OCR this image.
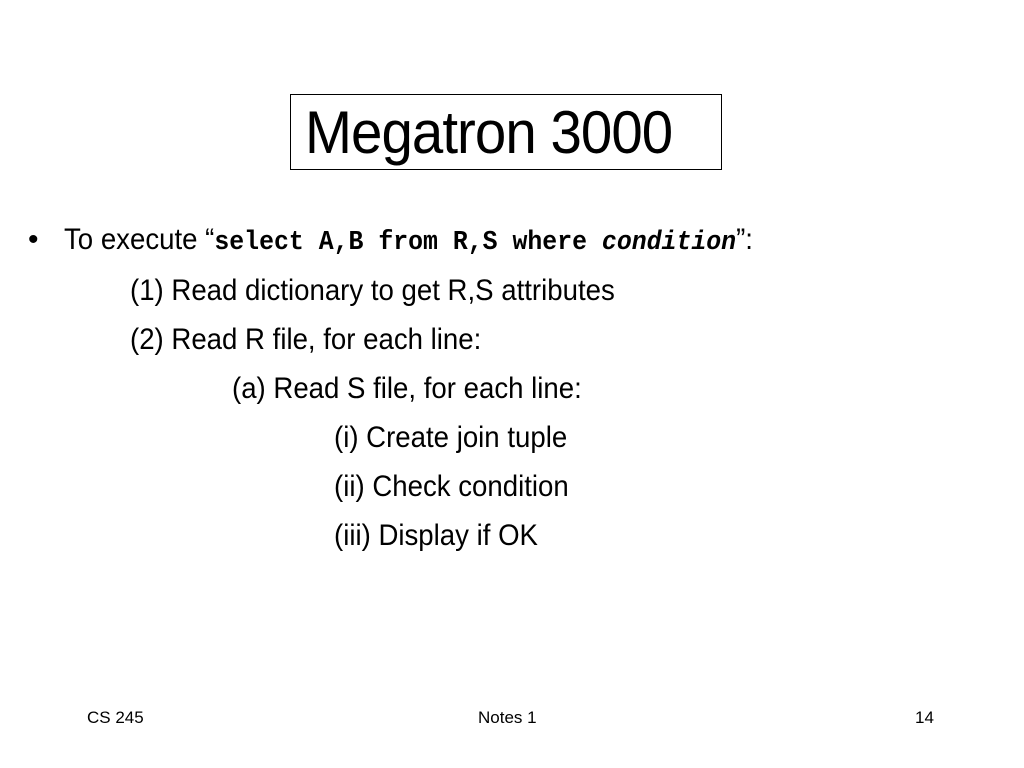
Megatron 3000
• To execute “select A,B from R,S where condition”:
(1) Read dictionary to get R,S attributes
(2) Read R file, for each line:
(a) Read S file, for each line:
(i) Create join tuple
(ii) Check condition
(iii) Display if OK
CS 245	Notes 1	14
